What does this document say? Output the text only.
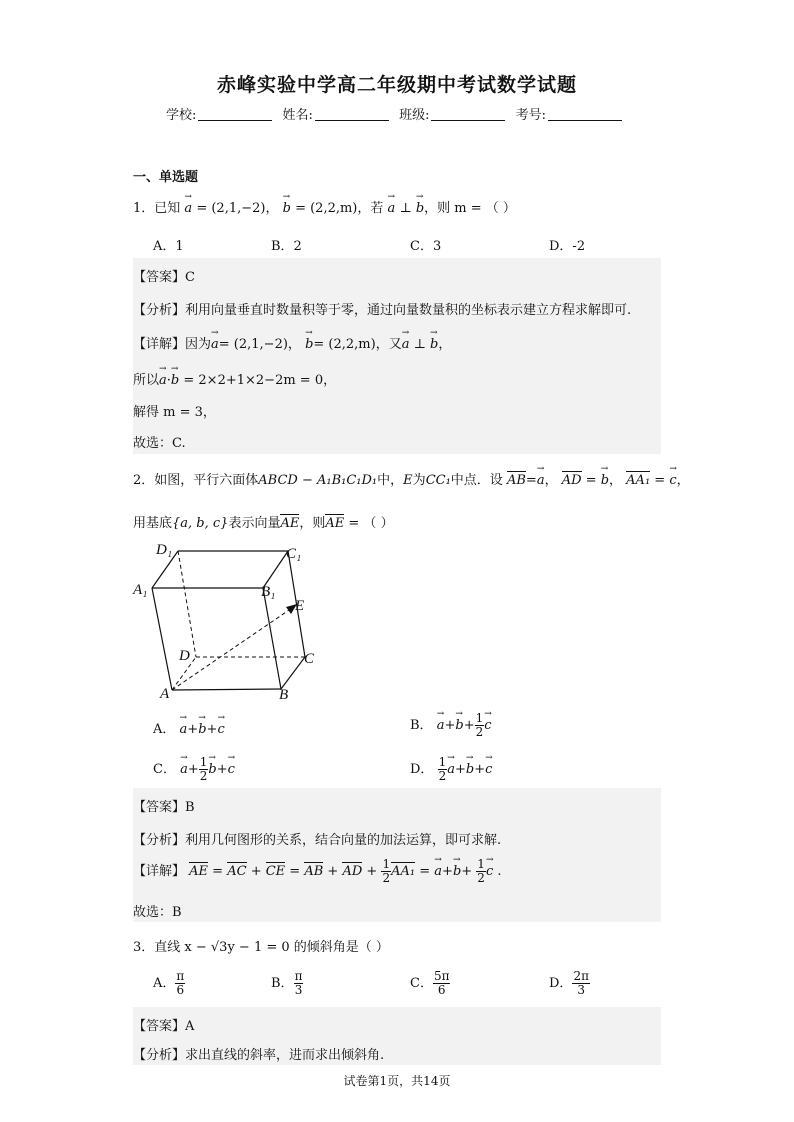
赤峰实验中学高二年级期中考试数学试题
学校:	姓名:	班级:	考号:
一、单选题
1．已知 → a = (2,1,−2)， → b = (2,2,m)，若 → a ⊥ → b，则 m = （ ）
A．1	B．2	C．3	D．-2
【答案】C
【分析】利用向量垂直时数量积等于零，通过向量数量积的坐标表示建立方程求解即可.
【详解】因为→ a= (2,1,−2)， → b= (2,2,m)，又→ a ⊥ → b，
所以→ a·→ b = 2×2+1×2−2m = 0，
解得 m = 3，
故选：C.
2．如图，平行六面体ABCD − A₁B₁C₁D₁中，E为CC₁中点．设 AB=→ a， AD = → b， AA₁ = → c，
用基底{a, b, c}表示向量AE，则AE = （ ）
D₁	C₁
A₁	B₁
E
D	C
A	B
A． → a+→ b+→ c	B． → $a+\to b+ \frac{1}{2}$
→ c
C． → $a+ \frac{1}{2}$
→ b+→ c	D． $\frac{1}{2}$
→ a+→ b+→ c
【答案】B
【分析】利用几何图形的关系，结合向量的加法运算，即可求解.
【详解】 AE = AC + CE = AB + AD + $\frac{1}{2} AA_1$ = → $a+\to b+ \frac{1}{2}$
→ c .
故选：B
3．直线 x − √3y − 1 = 0 的倾斜角是（ ）
A． $\frac{\pi}{6}$	B． $\frac{\pi}{3}$	C． $\frac{5\pi}{6}$	D． $\frac{2\pi}{3}$
【答案】A
【分析】求出直线的斜率，进而求出倾斜角.
试卷第1页，共14页
